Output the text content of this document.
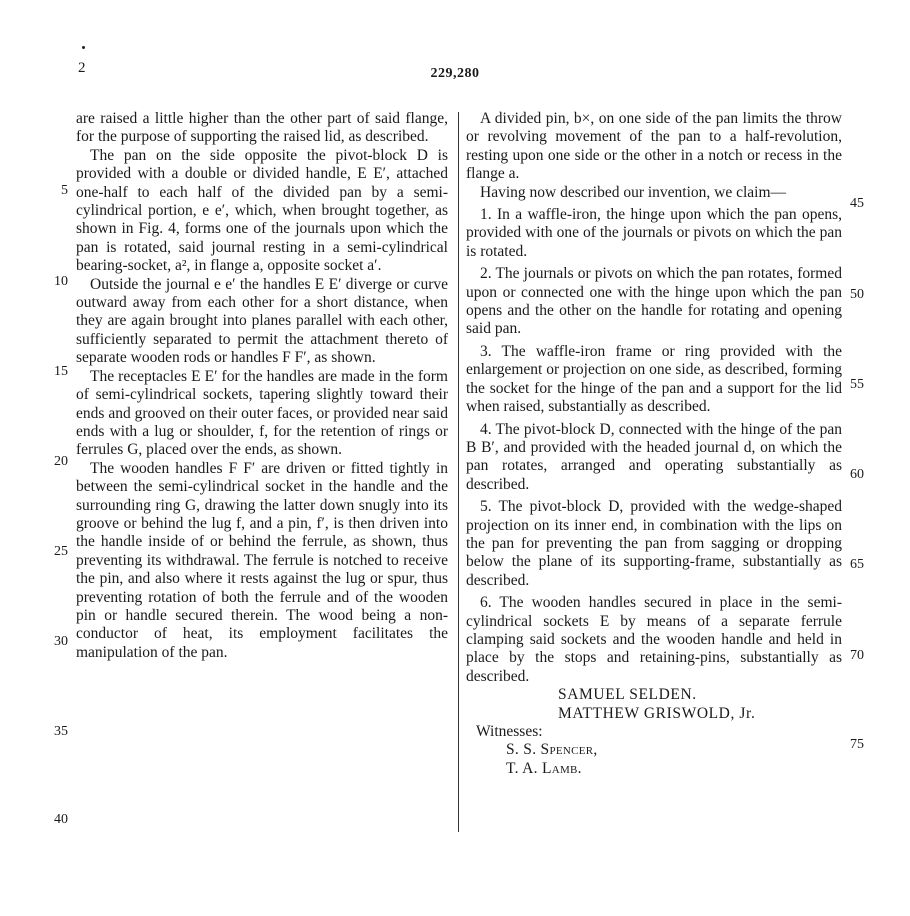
2	229,280

are raised a little higher than the other part of said flange, for the purpose of supporting the raised lid, as described.

The pan on the side opposite the pivot-block D is provided with a double or divided handle, E E′, attached one-half to each half of the divided pan by a semi-cylindrical portion, e e′, which, when brought together, as shown in Fig. 4, forms one of the journals upon which the pan is rotated, said journal resting in a semi-cylindrical bearing-socket, a², in flange a, opposite socket a′.

Outside the journal e e′ the handles E E′ diverge or curve outward away from each other for a short distance, when they are again brought into planes parallel with each other, sufficiently separated to permit the attachment thereto of separate wooden rods or handles F F′, as shown.

The receptacles E E′ for the handles are made in the form of semi-cylindrical sockets, tapering slightly toward their ends and grooved on their outer faces, or provided near said ends with a lug or shoulder, f, for the retention of rings or ferrules G, placed over the ends, as shown.

The wooden handles F F′ are driven or fitted tightly in between the semi-cylindrical socket in the handle and the surrounding ring G, drawing the latter down snugly into its groove or behind the lug f, and a pin, f′, is then driven into the handle inside of or behind the ferrule, as shown, thus preventing its withdrawal. The ferrule is notched to receive the pin, and also where it rests against the lug or spur, thus preventing rotation of both the ferrule and of the wooden pin or handle secured therein. The wood being a non-conductor of heat, its employment facilitates the manipulation of the pan.

A divided pin, b×, on one side of the pan limits the throw or revolving movement of the pan to a half-revolution, resting upon one side or the other in a notch or recess in the flange a.

Having now described our invention, we claim—

1. In a waffle-iron, the hinge upon which the pan opens, provided with one of the journals or pivots on which the pan is rotated.

2. The journals or pivots on which the pan rotates, formed upon or connected one with the hinge upon which the pan opens and the other on the handle for rotating and opening said pan.

3. The waffle-iron frame or ring provided with the enlargement or projection on one side, as described, forming the socket for the hinge of the pan and a support for the lid when raised, substantially as described.

4. The pivot-block D, connected with the hinge of the pan B B′, and provided with the headed journal d, on which the pan rotates, arranged and operating substantially as described.

5. The pivot-block D, provided with the wedge-shaped projection on its inner end, in combination with the lips on the pan for preventing the pan from sagging or dropping below the plane of its supporting-frame, substantially as described.

6. The wooden handles secured in place in the semi-cylindrical sockets E by means of a separate ferrule clamping said sockets and the wooden handle and held in place by the stops and retaining-pins, substantially as described.

SAMUEL SELDEN.
MATTHEW GRISWOLD, Jr.
Witnesses:
S. S. Spencer,
T. A. Lamb.
5
10
15
20
25
30
35
40
45
50
55
60
65
70
75
